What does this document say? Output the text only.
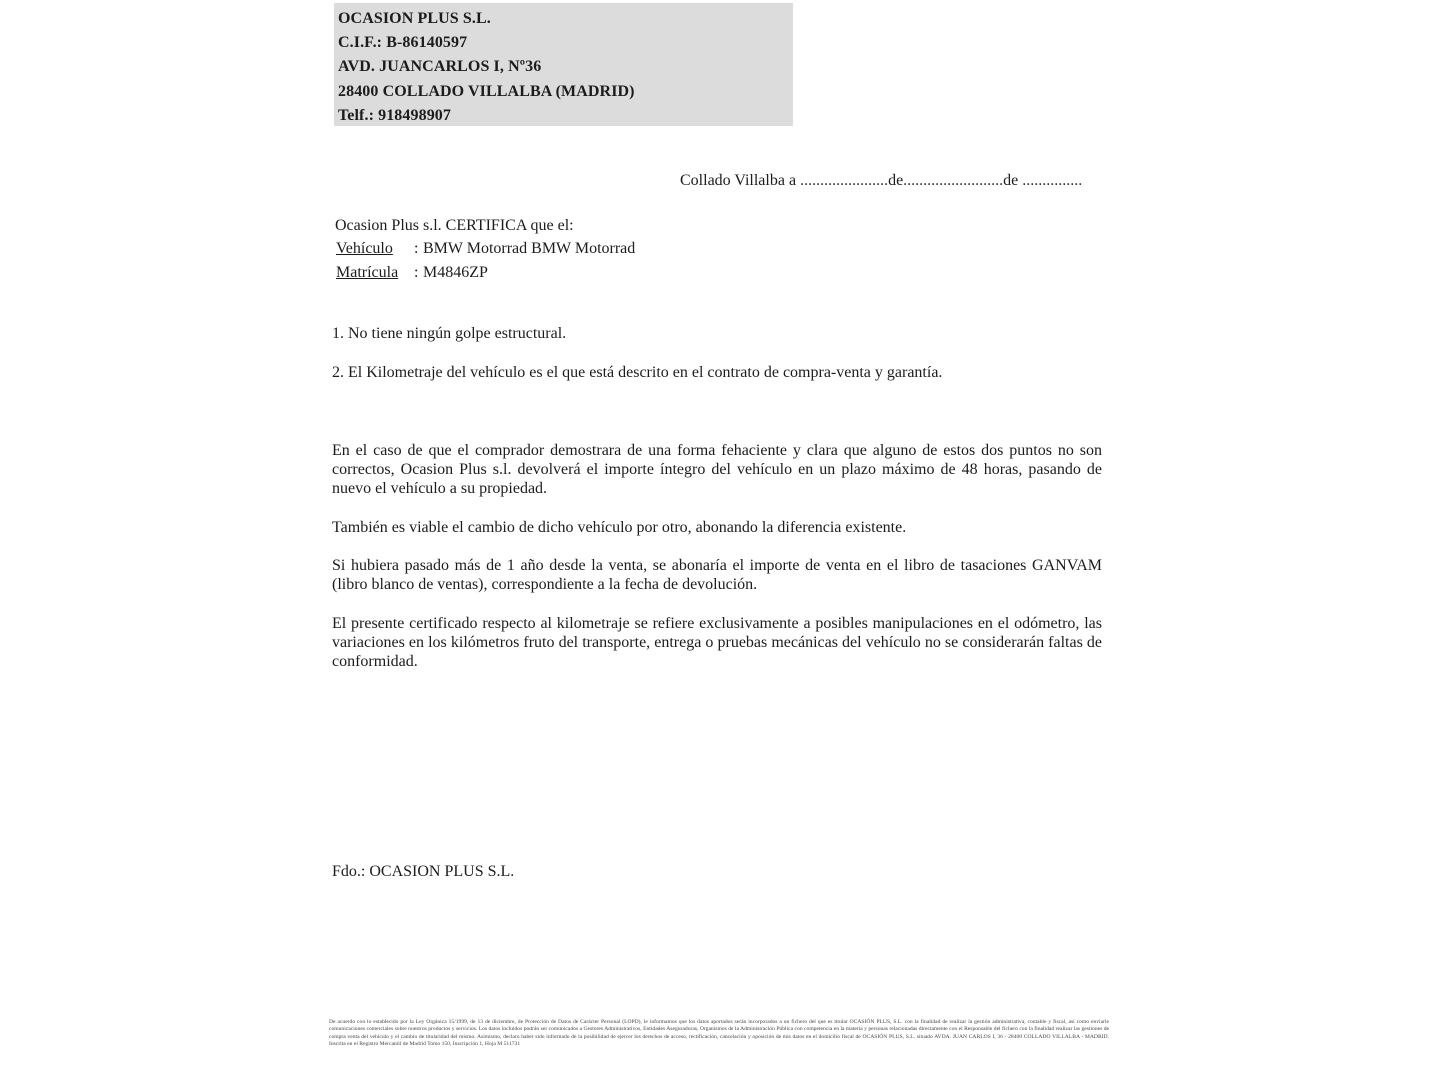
OCASION PLUS S.L.
C.I.F.: B-86140597
AVD. JUANCARLOS I, Nº36
28400 COLLADO VILLALBA (MADRID)
Telf.: 918498907
Collado Villalba a ......................de.........................de ...............
Ocasion Plus s.l. CERTIFICA que el:
Vehículo : BMW Motorrad BMW Motorrad
Matrícula : M4846ZP
1. No tiene ningún golpe estructural.
2. El Kilometraje del vehículo es el que está descrito en el contrato de compra-venta y garantía.
En el caso de que el comprador demostrara de una forma fehaciente y clara que alguno de estos dos puntos no son correctos, Ocasion Plus s.l. devolverá el importe íntegro del vehículo en un plazo máximo de 48 horas, pasando de nuevo el vehículo a su propiedad.
También es viable el cambio de dicho vehículo por otro, abonando la diferencia existente.
Si hubiera pasado más de 1 año desde la venta, se abonaría el importe de venta en el libro de tasaciones GANVAM (libro blanco de ventas), correspondiente a la fecha de devolución.
El presente certificado respecto al kilometraje se refiere exclusivamente a posibles manipulaciones en el odómetro, las variaciones en los kilómetros fruto del transporte, entrega o pruebas mecánicas del vehículo no se considerarán faltas de conformidad.
Fdo.: OCASION PLUS S.L.
De acuerdo con lo establecido por la Ley Orgánica 15/1999, de 13 de diciembre, de Protección de Datos de Carácter Personal (LOPD), le informamos que los datos aportados serán incorporados a un fichero del que es titular OCASIÓN PLUS, S.L. con la finalidad de realizar la gestión administrativa, contable y fiscal, así como enviarle comunicaciones comerciales sobre nuestros productos y servicios. Los datos incluidos podrán ser comunicados a Gestores Administrativos, Entidades Aseguradoras, Organismos de la Administración Pública con competencia en la materia y personas relacionadas directamente con el Responsable del fichero con la finalidad realizar las gestiones de compra venta del vehículo y el cambio de titularidad del mismo. Asimismo, declaro haber sido informado de la posibilidad de ejercer los derechos de acceso, rectificación, cancelación y oposición de mis datos en el domicilio fiscal de OCASIÓN PLUS, S.L. situado AVDA. JUAN CARLOS I, 36 - 28400 COLLADO VILLALBA - MADRID. Inscrita en el Registro Mercantil de Madrid Tomo 150, Inscripción 1, Hoja M 511731
